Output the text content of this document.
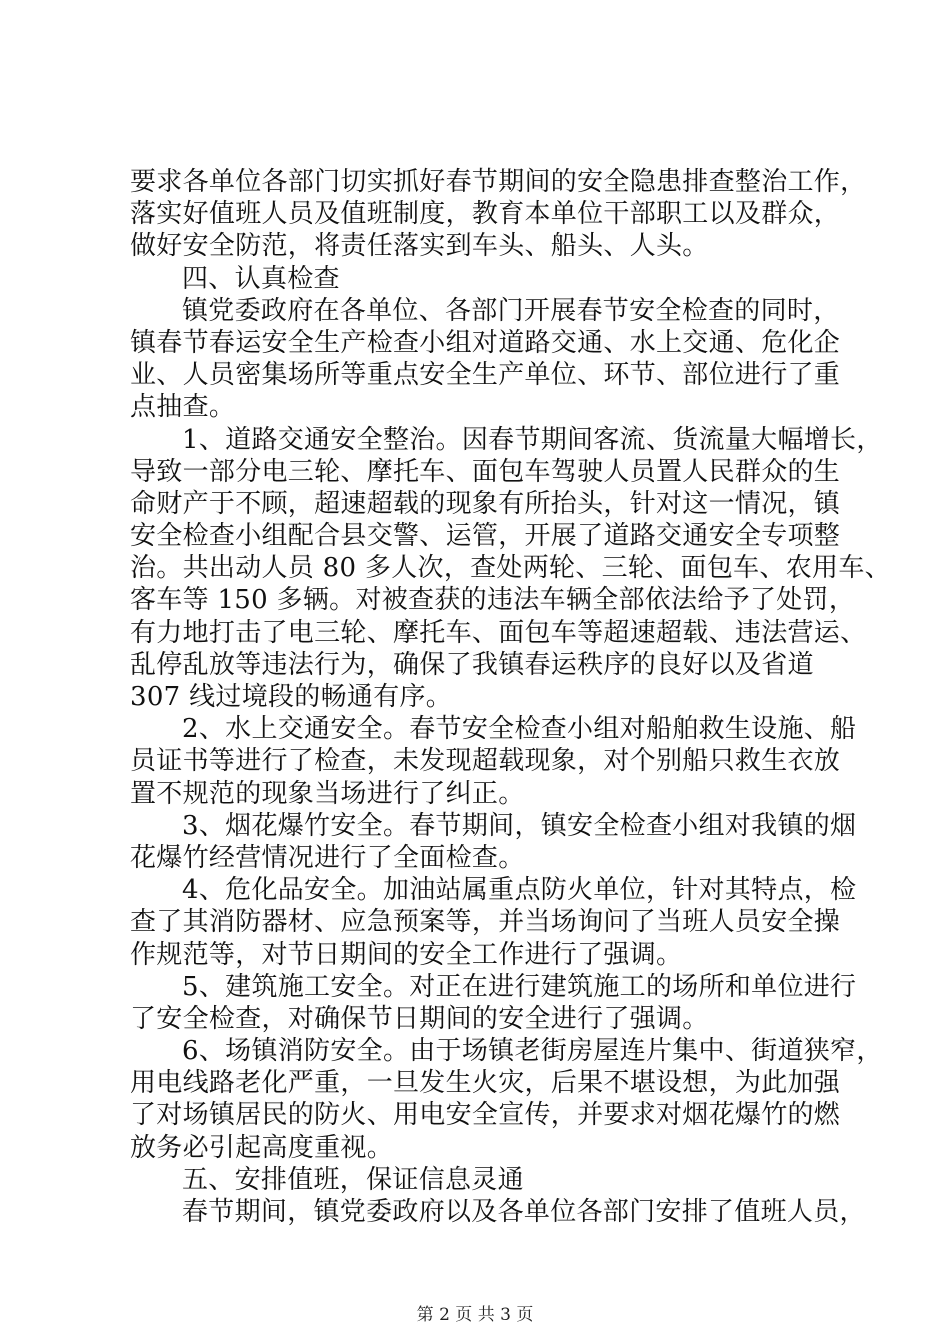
要求各单位各部门切实抓好春节期间的安全隐患排查整治工作，
落实好值班人员及值班制度，教育本单位干部职工以及群众，
做好安全防范，将责任落实到车头、船头、人头。
四、认真检查
镇党委政府在各单位、各部门开展春节安全检查的同时，
镇春节春运安全生产检查小组对道路交通、水上交通、危化企
业、人员密集场所等重点安全生产单位、环节、部位进行了重
点抽查。
1、道路交通安全整治。因春节期间客流、货流量大幅增长，
导致一部分电三轮、摩托车、面包车驾驶人员置人民群众的生
命财产于不顾，超速超载的现象有所抬头，针对这一情况，镇
安全检查小组配合县交警、运管，开展了道路交通安全专项整
治。共出动人员 80 多人次，查处两轮、三轮、面包车、农用车、
客车等 150 多辆。对被查获的违法车辆全部依法给予了处罚，
有力地打击了电三轮、摩托车、面包车等超速超载、违法营运、
乱停乱放等违法行为，确保了我镇春运秩序的良好以及省道
307 线过境段的畅通有序。
2、水上交通安全。春节安全检查小组对船舶救生设施、船
员证书等进行了检查，未发现超载现象，对个别船只救生衣放
置不规范的现象当场进行了纠正。
3、烟花爆竹安全。春节期间，镇安全检查小组对我镇的烟
花爆竹经营情况进行了全面检查。
4、危化品安全。加油站属重点防火单位，针对其特点，检
查了其消防器材、应急预案等，并当场询问了当班人员安全操
作规范等，对节日期间的安全工作进行了强调。
5、建筑施工安全。对正在进行建筑施工的场所和单位进行
了安全检查，对确保节日期间的安全进行了强调。
6、场镇消防安全。由于场镇老街房屋连片集中、街道狭窄，
用电线路老化严重，一旦发生火灾，后果不堪设想，为此加强
了对场镇居民的防火、用电安全宣传，并要求对烟花爆竹的燃
放务必引起高度重视。
五、安排值班，保证信息灵通
春节期间，镇党委政府以及各单位各部门安排了值班人员，
第 2 页 共 3 页
